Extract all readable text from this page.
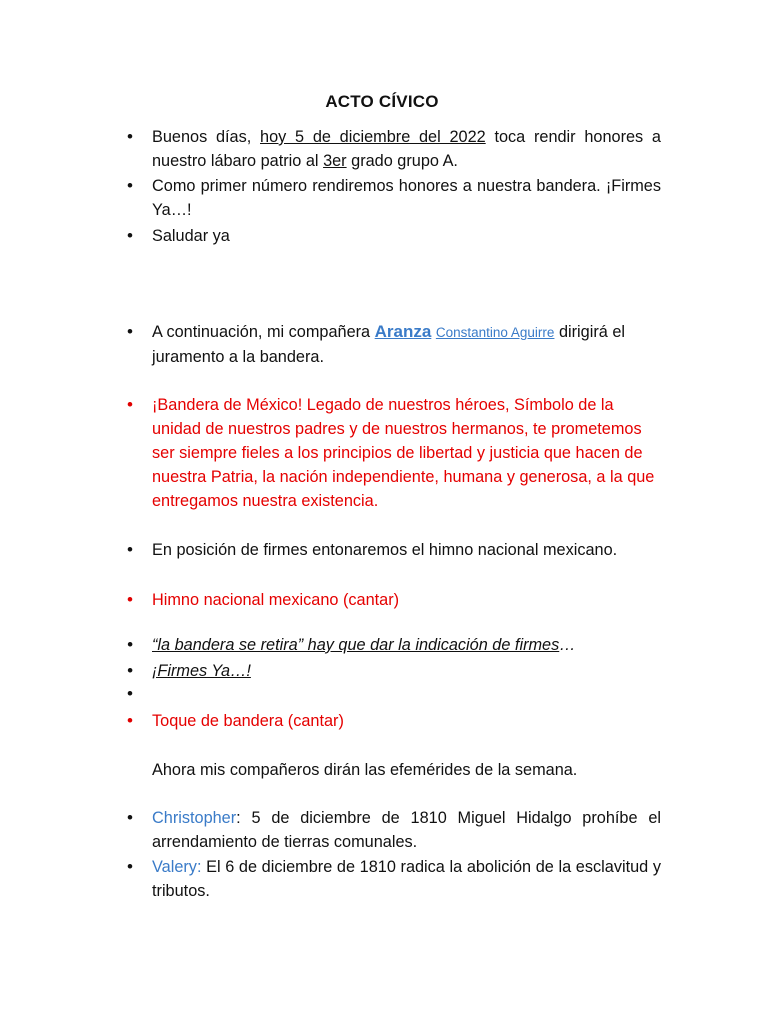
ACTO CÍVICO
• Buenos días, hoy 5 de diciembre del 2022 toca rendir honores a nuestro lábaro patrio al 3er grado grupo A.
• Como primer número rendiremos honores a nuestra bandera. ¡Firmes Ya…!
• Saludar ya
• A continuación, mi compañera Aranza Constantino Aguirre dirigirá el juramento a la bandera.
• ¡Bandera de México! Legado de nuestros héroes, Símbolo de la unidad de nuestros padres y de nuestros hermanos, te prometemos ser siempre fieles a los principios de libertad y justicia que hacen de nuestra Patria, la nación independiente, humana y generosa, a la que entregamos nuestra existencia.
• En posición de firmes entonaremos el himno nacional mexicano.
• Himno nacional mexicano (cantar)
• “la bandera se retira” hay que dar la indicación de firmes…
• ¡Firmes Ya…!
•
• Toque de bandera (cantar)
Ahora mis compañeros dirán las efemérides de la semana.
• Christopher: 5 de diciembre de 1810 Miguel Hidalgo prohíbe el arrendamiento de tierras comunales.
• Valery: El 6 de diciembre de 1810 radica la abolición de la esclavitud y tributos.
